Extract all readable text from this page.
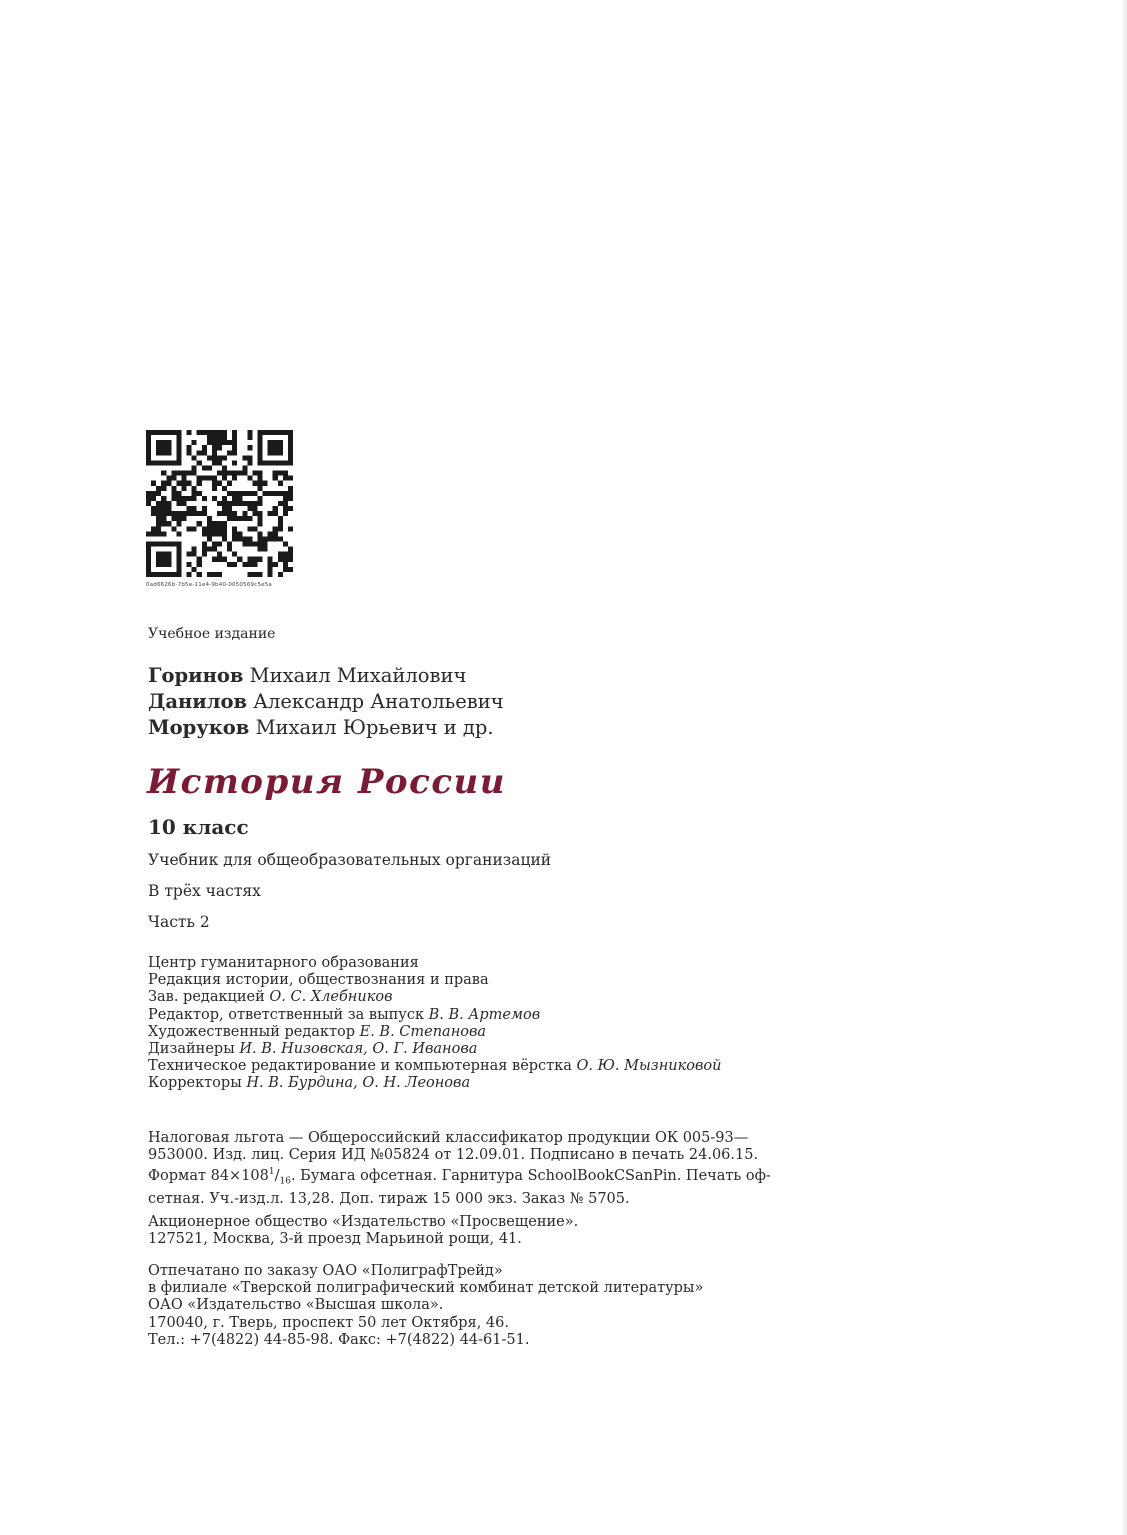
0ad6626b-7b5e-11e4-9b40-0050569c5e5a
Учебное издание
Горинов Михаил Михайлович
Данилов Александр Анатольевич
Моруков Михаил Юрьевич и др.
История России
10 класс
Учебник для общеобразовательных организаций
В трёх частях
Часть 2
Центр гуманитарного образования
Редакция истории, обществознания и права
Зав. редакцией О. С. Хлебников
Редактор, ответственный за выпуск В. В. Артемов
Художественный редактор Е. В. Степанова
Дизайнеры И. В. Низовская, О. Г. Иванова
Техническое редактирование и компьютерная вёрстка О. Ю. Мызниковой
Корректоры Н. В. Бурдина, О. Н. Леонова
Налоговая льгота — Общероссийский классификатор продукции ОК 005-93—
953000. Изд. лиц. Серия ИД №05824 от 12.09.01. Подписано в печать 24.06.15.
Формат $84\times 108^1/_{16}$. Бумага офсетная. Гарнитура SchoolBookCSanPin. Печать оф-
сетная. Уч.-изд.л. 13,28. Доп. тираж 15 000 экз. Заказ № 5705.
Акционерное общество «Издательство «Просвещение».
127521, Москва, 3-й проезд Марьиной рощи, 41.
Отпечатано по заказу ОАО «ПолиграфТрейд»
в филиале «Тверской полиграфический комбинат детской литературы»
ОАО «Издательство «Высшая школа».
170040, г. Тверь, проспект 50 лет Октября, 46.
Тел.: +7(4822) 44-85-98. Факс: +7(4822) 44-61-51.
